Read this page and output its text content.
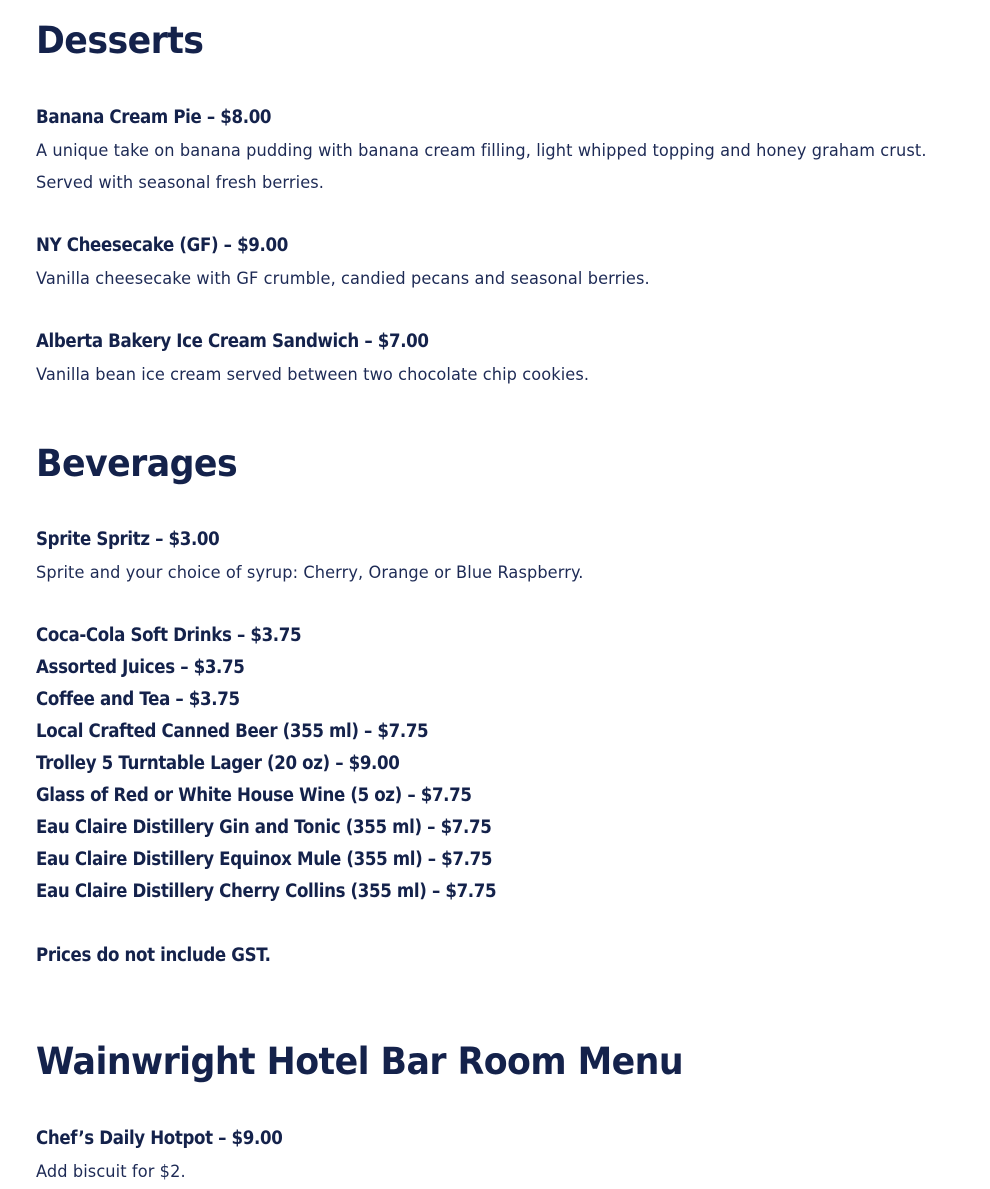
Desserts
Banana Cream Pie – $8.00
A unique take on banana pudding with banana cream filling, light whipped topping and honey graham crust.
Served with seasonal fresh berries.
NY Cheesecake (GF) – $9.00
Vanilla cheesecake with GF crumble, candied pecans and seasonal berries.
Alberta Bakery Ice Cream Sandwich – $7.00
Vanilla bean ice cream served between two chocolate chip cookies.
Beverages
Sprite Spritz – $3.00
Sprite and your choice of syrup: Cherry, Orange or Blue Raspberry.
Coca-Cola Soft Drinks – $3.75
Assorted Juices – $3.75
Coffee and Tea – $3.75
Local Crafted Canned Beer (355 ml) – $7.75
Trolley 5 Turntable Lager (20 oz) – $9.00
Glass of Red or White House Wine (5 oz) – $7.75
Eau Claire Distillery Gin and Tonic (355 ml) – $7.75
Eau Claire Distillery Equinox Mule (355 ml) – $7.75
Eau Claire Distillery Cherry Collins (355 ml) – $7.75
Prices do not include GST.
Wainwright Hotel Bar Room Menu
Chef’s Daily Hotpot – $9.00
Add biscuit for $2.
